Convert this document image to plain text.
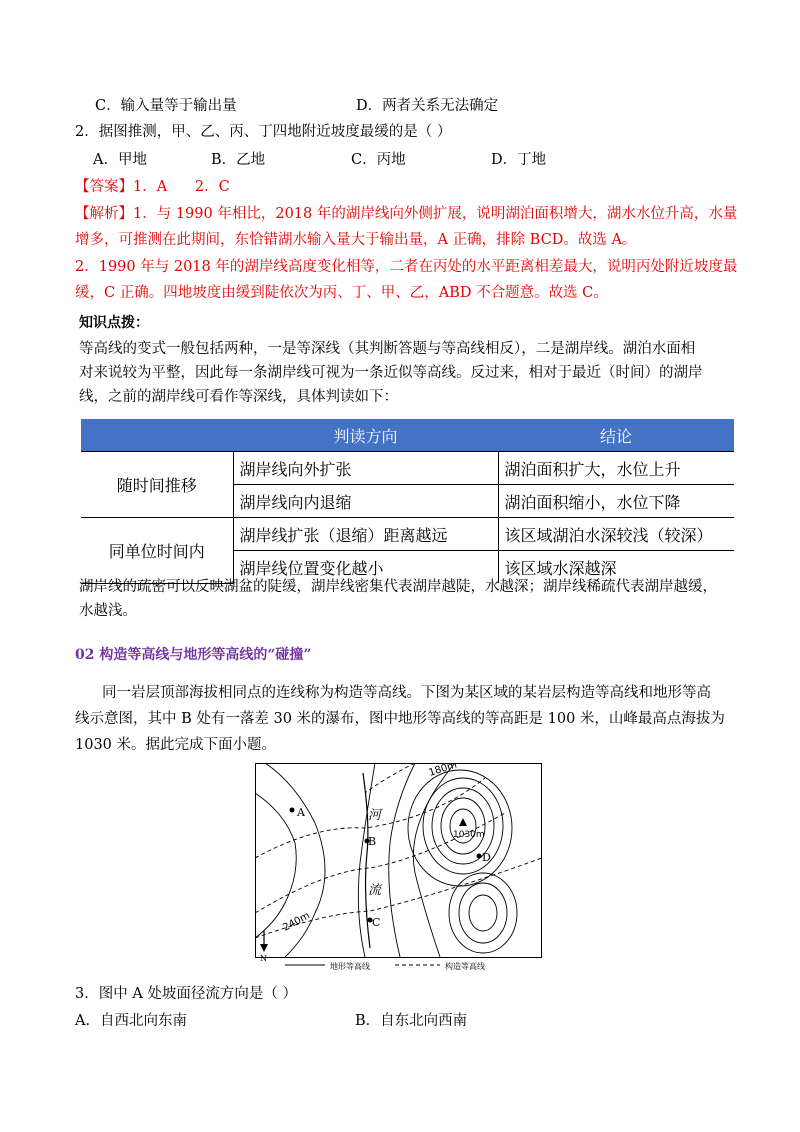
C．输入量等于输出量	D．两者关系无法确定
2．据图推测，甲、乙、丙、丁四地附近坡度最缓的是（ ）
A．甲地	B．乙地	C．丙地	D．丁地
【答案】1．A      2．C
【解析】1．与 1990 年相比，2018 年的湖岸线向外侧扩展，说明湖泊面积增大，湖水水位升高，水量
增多，可推测在此期间，东恰错湖水输入量大于输出量，A 正确，排除 BCD。故选 A。
2．1990 年与 2018 年的湖岸线高度变化相等，二者在丙处的水平距离相差最大，说明丙处附近坡度最
缓，C 正确。四地坡度由缓到陡依次为丙、丁、甲、乙，ABD 不合题意。故选 C。
知识点拨：
等高线的变式一般包括两种，一是等深线（其判断答题与等高线相反），二是湖岸线。湖泊水面相
对来说较为平整，因此每一条湖岸线可视为一条近似等高线。反过来，相对于最近（时间）的湖岸
线，之前的湖岸线可看作等深线，具体判读如下：
	判读方向	结论
随时间推移	湖岸线向外扩张	湖泊面积扩大，水位上升
	湖岸线向内退缩	湖泊面积缩小，水位下降
同单位时间内	湖岸线扩张（退缩）距离越远	该区域湖泊水深较浅（较深）
	湖岸线位置变化越小	该区域水深越深
湖岸线的疏密可以反映湖盆的陡缓，湖岸线密集代表湖岸越陡，水越深；湖岸线稀疏代表湖岸越缓，
水越浅。
02 构造等高线与地形等高线的“碰撞”
同一岩层顶部海拔相同点的连线称为构造等高线。下图为某区域的某岩层构造等高线和地形等高
线示意图，其中 B 处有一落差 30 米的瀑布，图中地形等高线的等高距是 100 米，山峰最高点海拔为
1030 米。据此完成下面小题。
1030m
180m
240m
A
B
C
D
河
流
N
地形等高线	构造等高线
3．图中 A 处坡面径流方向是（ ）
A．自西北向东南	B．自东北向西南
